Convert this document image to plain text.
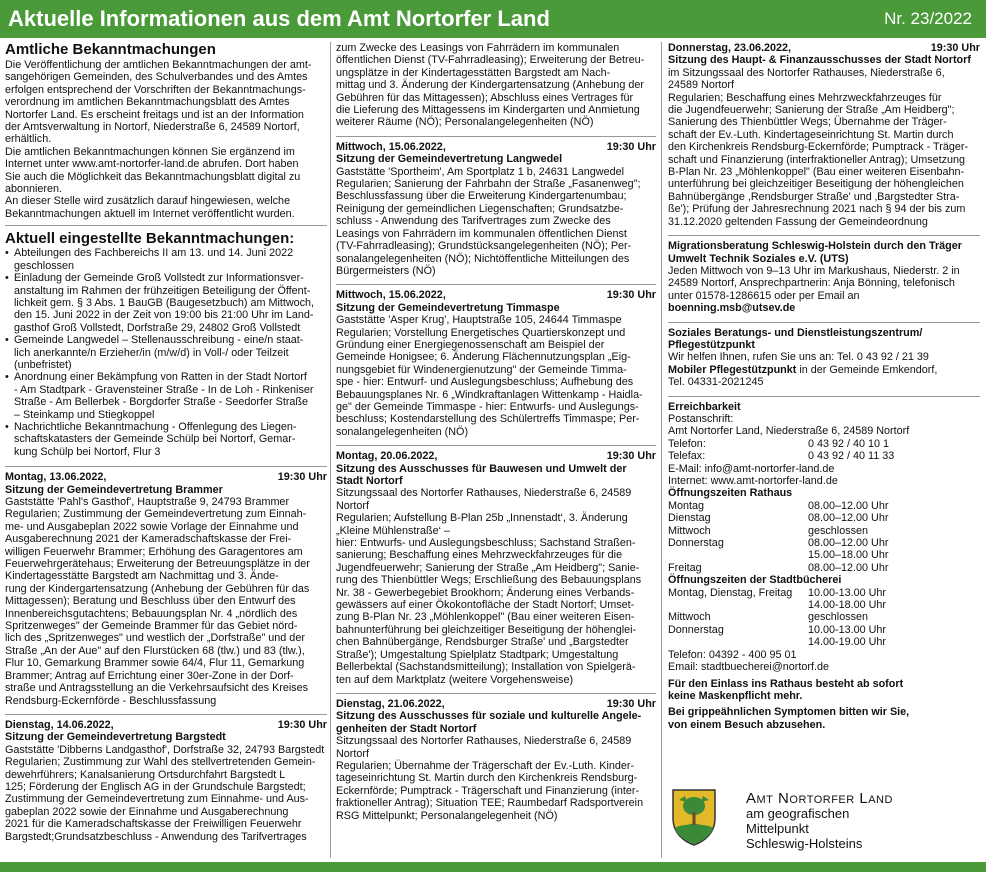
Aktuelle Informationen aus dem Amt Nortorfer Land	Nr. 23/2022
Amtliche Bekanntmachungen

Die Veröffentlichung der amtlichen Bekanntmachungen der amt-

sangehörigen Gemeinden, des Schulverbandes und des Amtes

erfolgen entsprechend der Vorschriften der Bekanntmachungs-

verordnung im amtlichen Bekanntmachungsblatt des Amtes

Nortorfer Land. Es erscheint freitags und ist an der Information

der Amtsverwaltung in Nortorf, Niederstraße 6, 24589 Nortorf,

erhältlich.

Die amtlichen Bekanntmachungen können Sie ergänzend im

Internet unter www.amt-nortorfer-land.de abrufen. Dort haben

Sie auch die Möglichkeit das Bekanntmachungsblatt digital zu

abonnieren.

An dieser Stelle wird zusätzlich darauf hingewiesen, welche

Bekanntmachungen aktuell im Internet veröffentlicht wurden.

Aktuell eingestellte Bekanntmachungen:

• Abteilungen des Fachbereichs II am 13. und 14. Juni 2022

geschlossen

• Einladung der Gemeinde Groß Vollstedt zur Informationsver-

anstaltung im Rahmen der frühzeitigen Beteiligung der Öffent-

lichkeit gem. § 3 Abs. 1 BauGB (Baugesetzbuch) am Mittwoch,

den 15. Juni 2022 in der Zeit von 19:00 bis 21:00 Uhr im Land-

gasthof Groß Vollstedt, Dorfstraße 29, 24802 Groß Vollstedt

• Gemeinde Langwedel – Stellenausschreibung - eine/n staat-

lich anerkannte/n Erzieher/in (m/w/d) in Voll-/ oder Teilzeit

(unbefristet)

• Anordnung einer Bekämpfung von Ratten in der Stadt Nortorf

- Am Stadtpark - Gravensteiner Straße - In de Loh - Rinkeniser

Straße - Am Bellerbek - Borgdorfer Straße - Seedorfer Straße

– Steinkamp und Stiegkoppel

• Nachrichtliche Bekanntmachung - Offenlegung des Liegen-

schaftskatasters der Gemeinde Schülp bei Nortorf, Gemar-

kung Schülp bei Nortorf, Flur 3

Montag, 13.06.2022,	19:30 Uhr

Sitzung der Gemeindevertretung Brammer

Gaststätte 'Pahl's Gasthof', Hauptstraße 9, 24793 Brammer

Regularien; Zustimmung der Gemeindevertretung zum Einnah-

me- und Ausgabeplan 2022 sowie Vorlage der Einnahme und

Ausgaberechnung 2021 der Kameradschaftskasse der Frei-

willigen Feuerwehr Brammer; Erhöhung des Garagentores am

Feuerwehrgerätehaus; Erweiterung der Betreuungsplätze in der

Kindertagesstätte Bargstedt am Nachmittag und 3. Ände-

rung der Kindergartensatzung (Anhebung der Gebühren für das

Mittagessen); Beratung und Beschluss über den Entwurf des

Innenbereichsgutachtens; Bebauungsplan Nr. 4 „nördlich des

Spritzenweges" der Gemeinde Brammer für das Gebiet nörd-

lich des „Spritzenweges" und westlich der „Dorfstraße" und der

Straße „An der Aue" auf den Flurstücken 68 (tlw.) und 83 (tlw.),

Flur 10, Gemarkung Brammer sowie 64/4, Flur 11, Gemarkung

Brammer; Antrag auf Errichtung einer 30er-Zone in der Dorf-

straße und Antragsstellung an die Verkehrsaufsicht des Kreises

Rendsburg-Eckernförde - Beschlussfassung

Dienstag, 14.06.2022,	19:30 Uhr

Sitzung der Gemeindevertretung Bargstedt

Gaststätte 'Dibberns Landgasthof', Dorfstraße 32, 24793 Bargstedt

Regularien; Zustimmung zur Wahl des stellvertretenden Gemein-

dewehrführers; Kanalsanierung Ortsdurchfahrt Bargstedt L

125; Förderung der Englisch AG in der Grundschule Bargstedt;

Zustimmung der Gemeindevertretung zum Einnahme- und Aus-

gabeplan 2022 sowie der Einnahme und Ausgaberechnung

2021 für die Kameradschaftskasse der Freiwilligen Feuerwehr

Bargstedt;Grundsatzbeschluss - Anwendung des Tarifvertrages

zum Zwecke des Leasings von Fahrrädern im kommunalen

öffentlichen Dienst (TV-Fahrradleasing); Erweiterung der Betreu-

ungsplätze in der Kindertagesstätten Bargstedt am Nach-

mittag und 3. Änderung der Kindergartensatzung (Anhebung der

Gebühren für das Mittagessen); Abschluss eines Vertrages für

die Lieferung des Mittagessens im Kindergarten und Anmietung

weiterer Räume (NÖ); Personalangelegenheiten (NÖ)

Mittwoch, 15.06.2022,	19:30 Uhr

Sitzung der Gemeindevertretung Langwedel

Gaststätte 'Sportheim', Am Sportplatz 1 b, 24631 Langwedel

Regularien; Sanierung der Fahrbahn der Straße „Fasanenweg";

Beschlussfassung über die Erweiterung Kindergartenumbau;

Reinigung der gemeindlichen Liegenschaften; Grundsatzbe-

schluss - Anwendung des Tarifvertrages zum Zwecke des

Leasings von Fahrrädern im kommunalen öffentlichen Dienst

(TV-Fahrradleasing); Grundstücksangelegenheiten (NÖ); Per-

sonalangelegenheiten (NÖ); Nichtöffentliche Mitteilungen des

Bürgermeisters (NÖ)

Mittwoch, 15.06.2022,	19:30 Uhr

Sitzung der Gemeindevertretung Timmaspe

Gaststätte 'Asper Krug', Hauptstraße 105, 24644 Timmaspe

Regularien; Vorstellung Energetisches Quartierskonzept und

Gründung einer Energiegenossenschaft am Beispiel der

Gemeinde Honigsee; 6. Änderung Flächennutzungsplan „Eig-

nungsgebiet für Windenergienutzung" der Gemeinde Timma-

spe - hier: Entwurf- und Auslegungsbeschluss; Aufhebung des

Bebauungsplanes Nr. 6 „Windkraftanlagen Wittenkamp - Haidla-

ge" der Gemeinde Timmaspe - hier: Entwurfs- und Auslegungs-

beschluss; Kostendarstellung des Schülertreffs Timmaspe; Per-

sonalangelegenheiten (NÖ)

Montag, 20.06.2022,	19:30 Uhr

Sitzung des Ausschusses für Bauwesen und Umwelt der

Stadt Nortorf

Sitzungssaal des Nortorfer Rathauses, Niederstraße 6, 24589

Nortorf

Regularien; Aufstellung B-Plan 25b „Innenstadt‘, 3. Änderung

„Kleine Mühlenstraße‘ –

hier: Entwurfs- und Auslegungsbeschluss; Sachstand Straßen-

sanierung; Beschaffung eines Mehrzweckfahrzeuges für die

Jugendfeuerwehr; Sanierung der Straße „Am Heidberg"; Sanie-

rung des Thienbüttler Wegs; Erschließung des Bebauungsplans

Nr. 38 - Gewerbegebiet Brookhorn; Änderung eines Verbands-

gewässers auf einer Ökokontofläche der Stadt Nortorf; Umset-

zung B-Plan Nr. 23 „Möhlenkoppel" (Bau einer weiteren Eisen-

bahnunterführung bei gleichzeitiger Beseitigung der höhenglei-

chen Bahnübergänge, Rendsburger Straße' und „Bargstedter

Straße'); Umgestaltung Spielplatz Stadtpark; Umgestaltung

Bellerbektal (Sachstandsmitteilung); Installation von Spielgerä-

ten auf dem Marktplatz (weitere Vorgehensweise)

Dienstag, 21.06.2022,	19:30 Uhr

Sitzung des Ausschusses für soziale und kulturelle Angele-

genheiten der Stadt Nortorf

Sitzungssaal des Nortorfer Rathauses, Niederstraße 6, 24589

Nortorf

Regularien; Übernahme der Trägerschaft der Ev.-Luth. Kinder-

tageseinrichtung St. Martin durch den Kirchenkreis Rendsburg-

Eckernförde; Pumptrack - Trägerschaft und Finanzierung (inter-

fraktioneller Antrag); Situation TEE; Raumbedarf Radsportverein

RSG Mittelpunkt; Personalangelegenheit (NÖ)

Donnerstag, 23.06.2022,	19:30 Uhr

Sitzung des Haupt- & Finanzausschusses der Stadt Nortorf

im Sitzungssaal des Nortorfer Rathauses, Niederstraße 6,

24589 Nortorf

Regularien; Beschaffung eines Mehrzweckfahrzeuges für

die Jugendfeuerwehr; Sanierung der Straße „Am Heidberg";

Sanierung des Thienbüttler Wegs; Übernahme der Träger-

schaft der Ev.-Luth. Kindertageseinrichtung St. Martin durch

den Kirchenkreis Rendsburg-Eckernförde; Pumptrack - Träger-

schaft und Finanzierung (interfraktioneller Antrag); Umsetzung

B-Plan Nr. 23 „Möhlenkoppel" (Bau einer weiteren Eisenbahn-

unterführung bei gleichzeitiger Beseitigung der höhengleichen

Bahnübergänge ,Rendsburger Straße' und ‚Bargstedter Stra-

ße'); Prüfung der Jahresrechnung 2021 nach § 94 der bis zum

31.12.2020 geltenden Fassung der Gemeindeordnung

Migrationsberatung Schleswig-Holstein durch den Träger

Umwelt Technik Soziales e.V. (UTS)

Jeden Mittwoch von 9–13 Uhr im Markushaus, Niederstr. 2 in

24589 Nortorf, Ansprechpartnerin: Anja Bönning, telefonisch

unter 01578-1286615 oder per Email an

boenning.msb@utsev.de

Soziales Beratungs- und Dienstleistungszentrum/

Pflegestützpunkt

Wir helfen Ihnen, rufen Sie uns an: Tel. 0 43 92 / 21 39

Mobiler Pflegestützpunkt in der Gemeinde Emkendorf,

Tel. 04331-2021245

Erreichbarkeit

Postanschrift:

Amt Nortorfer Land, Niederstraße 6, 24589 Nortorf

Telefon:	0 43 92 / 40 10 1
Telefax:	0 43 92 / 40 11 33

E-Mail: info@amt-nortorfer-land.de

Internet: www.amt-nortorfer-land.de

Öffnungszeiten Rathaus

Montag	08.00–12.00 Uhr
Dienstag	08.00–12.00 Uhr
Mittwoch	geschlossen
Donnerstag	08.00–12.00 Uhr
	15.00–18.00 Uhr
Freitag	08.00–12.00 Uhr

Öffnungszeiten der Stadtbücherei

Montag, Dienstag, Freitag	10.00-13.00 Uhr
	14.00-18.00 Uhr
Mittwoch	geschlossen
Donnerstag	10.00-13.00 Uhr
	14.00-19.00 Uhr

Telefon: 04392 - 400 95 01

Email: stadtbuecherei@nortorf.de

Für den Einlass ins Rathaus besteht ab sofort

keine Maskenpflicht mehr.

Bei grippeähnlichen Symptomen bitten wir Sie,

von einem Besuch abzusehen.

Amt Nortorfer Land
am geografischen
Mittelpunkt
Schleswig-Holsteins
